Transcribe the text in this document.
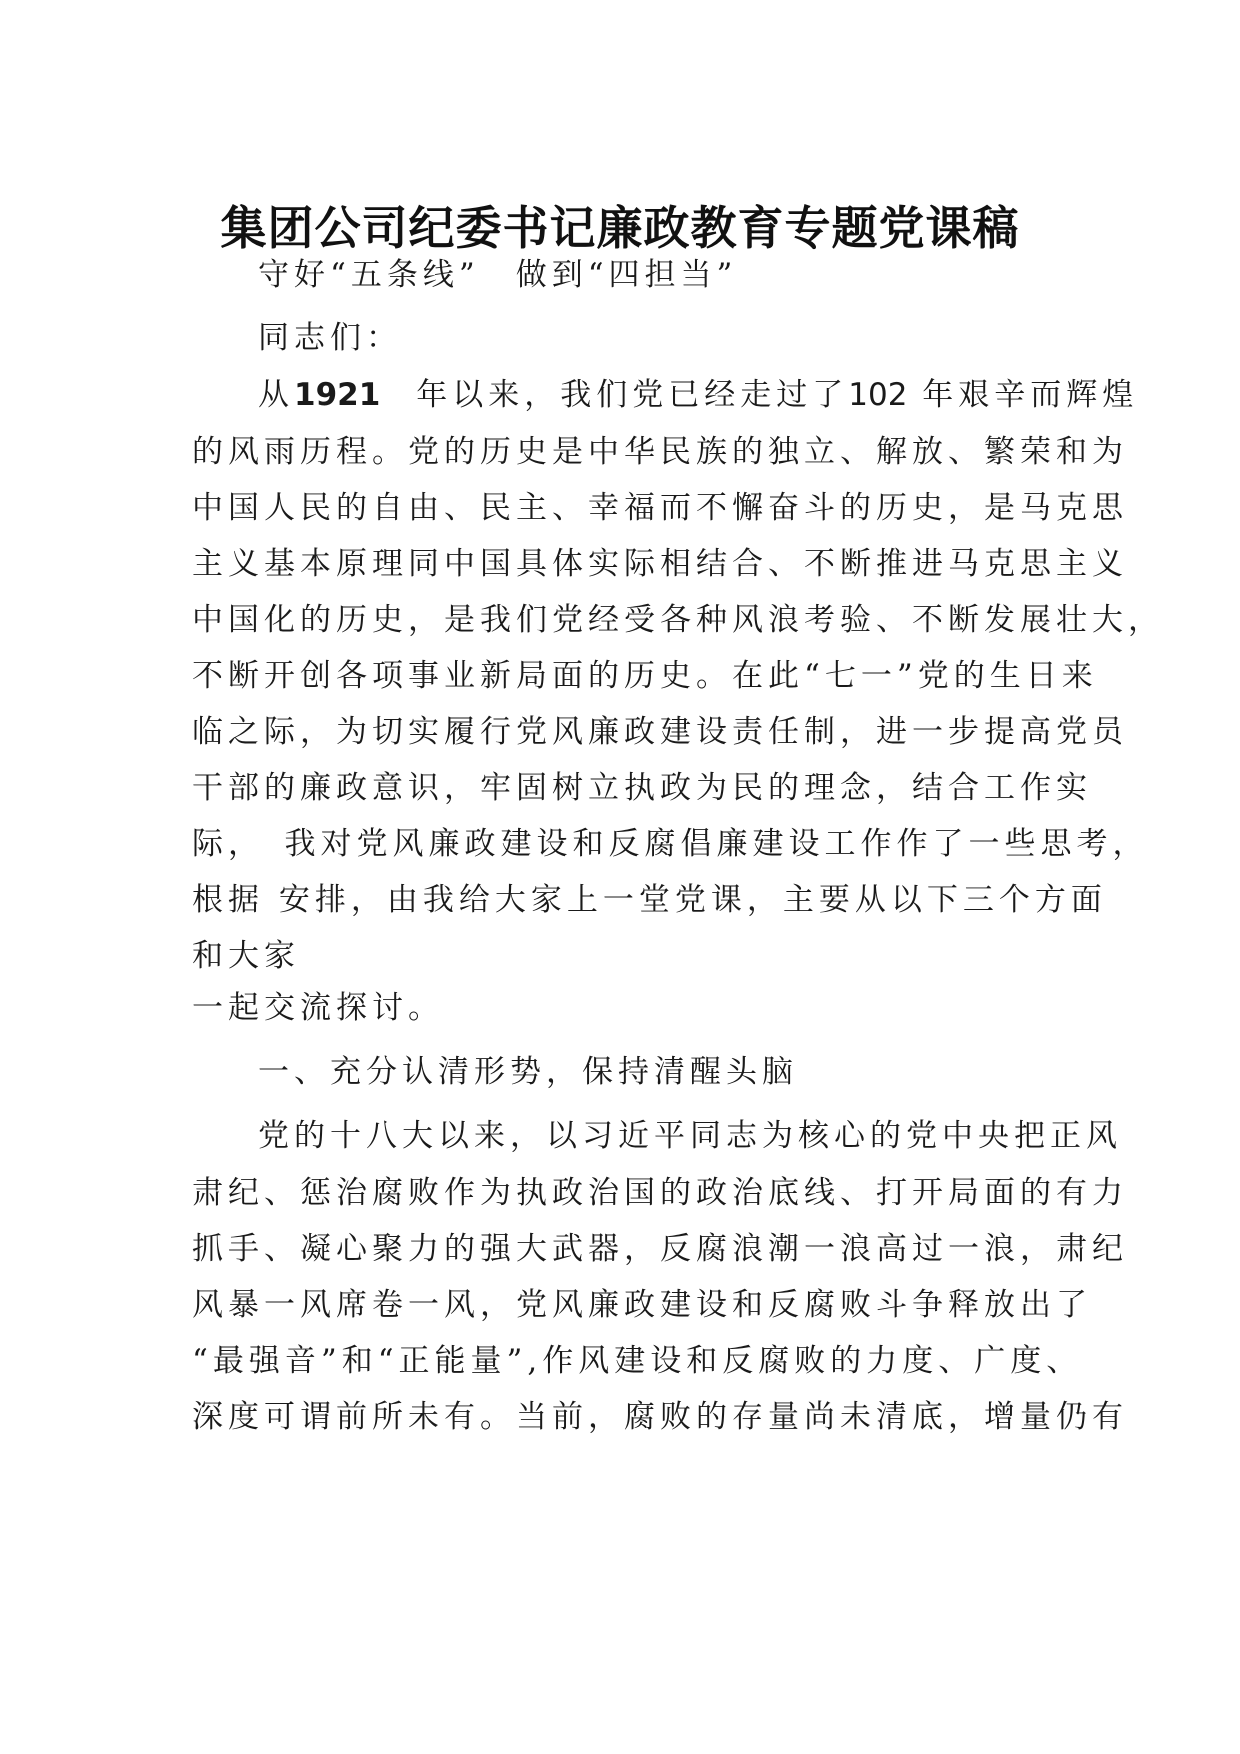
集团公司纪委书记廉政教育专题党课稿
守好“五条线”　做到“四担当”
同志们：
从1921　年以来，我们党已经走过了102 年艰辛而辉煌
的风雨历程。党的历史是中华民族的独立、解放、繁荣和为
中国人民的自由、民主、幸福而不懈奋斗的历史，是马克思
主义基本原理同中国具体实际相结合、不断推进马克思主义
中国化的历史，是我们党经受各种风浪考验、不断发展壮大，
不断开创各项事业新局面的历史。在此“七一”党的生日来
临之际，为切实履行党风廉政建设责任制，进一步提高党员
干部的廉政意识，牢固树立执政为民的理念，结合工作实
际，　我对党风廉政建设和反腐倡廉建设工作作了一些思考，
根据 安排，由我给大家上一堂党课，主要从以下三个方面
和大家
一起交流探讨。
一、充分认清形势，保持清醒头脑
党的十八大以来，以习近平同志为核心的党中央把正风
肃纪、惩治腐败作为执政治国的政治底线、打开局面的有力
抓手、凝心聚力的强大武器，反腐浪潮一浪高过一浪，肃纪
风暴一风席卷一风，党风廉政建设和反腐败斗争释放出了
“最强音”和“正能量”,作风建设和反腐败的力度、广度、
深度可谓前所未有。当前，腐败的存量尚未清底，增量仍有
